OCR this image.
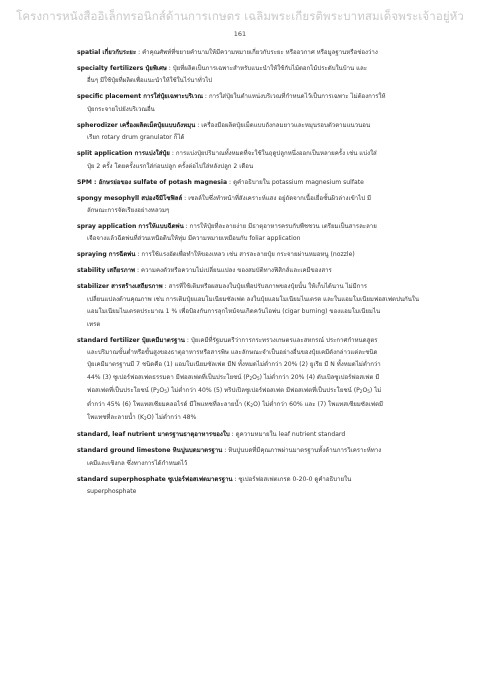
โครงการหนังสืออิเล็กทรอนิกส์ด้านการเกษตร เฉลิมพระเกียรติพระบาทสมเด็จพระเจ้าอยู่หัว
161

spatial เกี่ยวกับระยะ : คำคุณศัพท์ที่ขยายคำนามให้มีความหมายเกี่ยวกับระยะ หรืออวกาศ หรือมูลฐานหรือช่องว่าง

specialty fertilizers ปุ๋ยพิเศษ : ปุ๋ยที่ผลิตเป็นการเฉพาะสำหรับแนะนำให้ใช้กับไม้ดอกไม้ประดับในบ้าน และ

อื่นๆ มีใช้ปุ๋ยที่ผลิตเพื่อแนะนำให้ใช้ในไร่นาทั่วไป

specific placement การใส่ปุ๋ยเฉพาะบริเวณ : การใส่ปุ๋ยในตำแหน่งบริเวณที่กำหนดไว้เป็นการเฉพาะ ไม่ต้องการให้

ปุ๋ยกระจายไปยังบริเวณอื่น

spherodizer เครื่องผลิตเม็ดปุ๋ยแบบถังหมุน : เครื่องมือผลิตปุ๋ยเม็ดแบบถังกลมยาวและหมุนรอบตัวตามแนวนอน

เรียก rotary drum granulator ก็ได้

split application การแบ่งใส่ปุ๋ย : การแบ่งปุ๋ยปริมาณทั้งหมดที่จะใช้ในฤดูปลูกหนึ่งออกเป็นหลายครั้ง เช่น แบ่งใส่

ปุ๋ย 2 ครั้ง โดยครั้งแรกใส่ก่อนปลูก ครั้งต่อไปใส่หลังปลูก 2 เดือน

SPM : อักษรย่อของ sulfate of potash magnesia : ดูคำอธิบายใน potassium magnesium sulfate

spongy mesophyll สปองจีมีโซฟิลล์ : เซลล์ใบซึ่งทำหน้าที่สังเคราะห์แสง อยู่ถัดจากเนื้อเยื่อชั้นผิวล่างเข้าไป มี

ลักษณะการจัดเรียงอย่างหลวมๆ

spray application การให้แบบฉีดพ่น : การให้ปุ๋ยที่ละลายง่าย มีธาตุอาหารครบกับพืชชวน เตรียมเป็นสารละลาย

เจือจางแล้วฉีดพ่นที่ส่วนเหนือดินให้ทุ่ม มีความหมายเหมือนกับ foliar application

spraying การฉีดพ่น : การใช้แรงอัดเพื่อทำให้ของเหลว เช่น สารละลายปุ๋ย กระจายผ่านหมอหนู (nozzle)

stability เสถียรภาพ : ความคงตัวหรือความไม่เปลี่ยนแปลง ของสมบัติทางฟิสิกส์และเคมีของสาร

stabilizer สารสร้างเสถียรภาพ : สารที่ใช้เติมหรือผสมลงในปุ๋ยเพื่อปรับสภาพของปุ๋ยนั้น ให้เก็บได้นาน ไม่มีการ

เปลี่ยนแปลงด้านคุณภาพ เช่น การเติมปุ๋ยแอมโมเนียมซัลเฟต ลงในปุ๋ยแอมโมเนียมไนเตรต และในแอมโมเนียมฟอสเฟตปนกันใน

แอมโมเนียมไนเตรตประมาณ 1 % เพื่อป้องกันการลุกไหม้จนเกิดควันไอพ่น (cigar burning) ของแอมโมเนียมไน

เทรต

standard fertilizer ปุ๋ยเคมีมาตรฐาน : ปุ๋ยเคมีที่รัฐมนตรีว่าการกระทรวงเกษตรและสหกรณ์ ประกาศกำหนดสูตร

และปริมาณขั้นต่ำหรือขั้นสูงของธาตุอาหารหรือสารพิษ และลักษณะจำเป็นอย่างอื่นของปุ๋ยเคมีดังกล่าวแต่ละชนิด

ปุ๋ยเคมีมาตรฐานมี 7 ชนิดคือ (1) แอมโมเนียมซัลเฟต มีN ทั้งหมดไม่ต่ำกว่า 20% (2) ยูเรีย มี N ทั้งหมดไม่ต่ำกว่า

44% (3) ซูเปอร์ฟอสเฟตธรรมดา มีฟอสเฟตที่เป็นประโยชน์ $(P_2O_5)$ ไม่ต่ำกว่า 20% (4) ดับเบิลซูเปอร์ฟอสเฟต มี

ฟอสเฟตที่เป็นประโยชน์ $(P_2O_5)$ ไม่ต่ำกว่า 40% (5) ทริปเปิลซูเปอร์ฟอสเฟต มีฟอสเฟตที่เป็นประโยชน์ $(P_2O_5)$ ไม่

ต่ำกว่า 45% (6) โพแทสเซียมคลอไรด์ มีโพแทชที่ละลายน้ำ $(K_2O)$ ไม่ต่ำกว่า 60% และ (7) โพแทสเซียมซัลเฟตมี

โพแทชที่ละลายน้ำ $(K_2O)$ ไม่ต่ำกว่า 48%

standard, leaf nutrient มาตรฐานธาตุอาหารของใบ : ดูความหมายใน leaf nutrient standard

standard ground limestone หินปูนบดมาตรฐาน : หินปูนบดที่มีคุณภาพผ่านมาตรฐานทั้งด้านการวิเคราะห์ทาง

เคมีและเชิงกล ซึ่งทางการได้กำหนดไว้

standard superphosphate ซูเปอร์ฟอสเฟตมาตรฐาน : ซูเปอร์ฟอสเฟตเกรด 0-20-0 ดูคำอธิบายใน

superphosphate
